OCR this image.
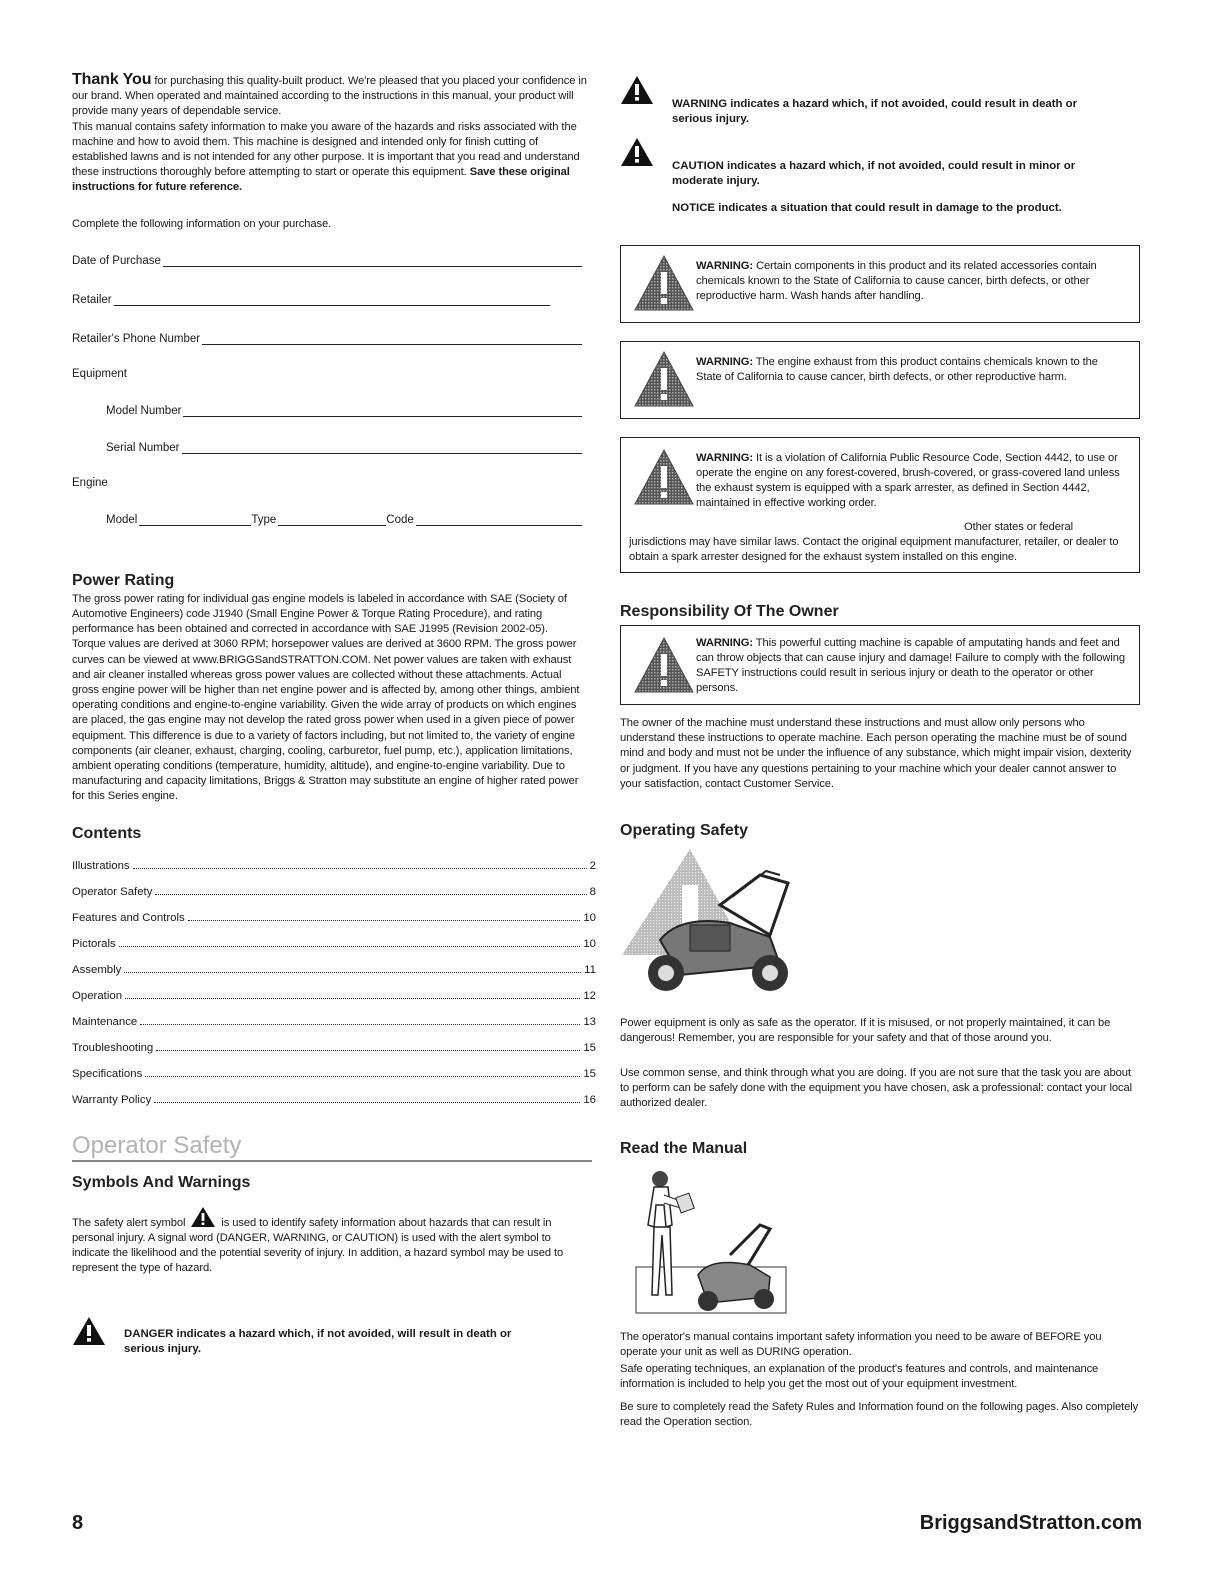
Thank You for purchasing this quality-built product. We're pleased that you placed your confidence in our brand. When operated and maintained according to the instructions in this manual, your product will provide many years of dependable service.

This manual contains safety information to make you aware of the hazards and risks associated with the machine and how to avoid them. This machine is designed and intended only for finish cutting of established lawns and is not intended for any other purpose. It is important that you read and understand these instructions thoroughly before attempting to start or operate this equipment. Save these original instructions for future reference.

Complete the following information on your purchase.

Date of Purchase
Retailer
Retailer's Phone Number
Equipment
Model Number
Serial Number
Engine
Model	Type	Code
Power Rating

The gross power rating for individual gas engine models is labeled in accordance with SAE (Society of Automotive Engineers) code J1940 (Small Engine Power & Torque Rating Procedure), and rating performance has been obtained and corrected in accordance with SAE J1995 (Revision 2002-05). Torque values are derived at 3060 RPM; horsepower values are derived at 3600 RPM. The gross power curves can be viewed at www.BRIGGSandSTRATTON.COM. Net power values are taken with exhaust and air cleaner installed whereas gross power values are collected without these attachments. Actual gross engine power will be higher than net engine power and is affected by, among other things, ambient operating conditions and engine-to-engine variability. Given the wide array of products on which engines are placed, the gas engine may not develop the rated gross power when used in a given piece of power equipment. This difference is due to a variety of factors including, but not limited to, the variety of engine components (air cleaner, exhaust, charging, cooling, carburetor, fuel pump, etc.), application limitations, ambient operating conditions (temperature, humidity, altitude), and engine-to-engine variability. Due to manufacturing and capacity limitations, Briggs & Stratton may substitute an engine of higher rated power for this Series engine.

Contents
Illustrations	2
Operator Safety	8
Features and Controls	10
Pictorals	10
Assembly	11
Operation	12
Maintenance	13
Troubleshooting	15
Specifications	15
Warranty Policy	16
Operator Safety
Symbols And Warnings

The safety alert symbol	is used to identify safety information about hazards that can result in personal injury. A signal word (DANGER, WARNING, or CAUTION) is used with the alert symbol to indicate the likelihood and the potential severity of injury. In addition, a hazard symbol may be used to represent the type of hazard.

DANGER indicates a hazard which, if not avoided, will result in death or serious injury.
WARNING indicates a hazard which, if not avoided, could result in death or serious injury.
CAUTION indicates a hazard which, if not avoided, could result in minor or moderate injury.
NOTICE indicates a situation that could result in damage to the product.

WARNING: Certain components in this product and its related accessories contain chemicals known to the State of California to cause cancer, birth defects, or other reproductive harm. Wash hands after handling.

WARNING: The engine exhaust from this product contains chemicals known to the State of California to cause cancer, birth defects, or other reproductive harm.

WARNING: It is a violation of California Public Resource Code, Section 4442, to use or operate the engine on any forest-covered, brush-covered, or grass-covered land unless the exhaust system is equipped with a spark arrester, as defined in Section 4442, maintained in effective working order.

Other states or federal jurisdictions may have similar laws. Contact the original equipment manufacturer, retailer, or dealer to obtain a spark arrester designed for the exhaust system installed on this engine.

Responsibility Of The Owner

WARNING: This powerful cutting machine is capable of amputating hands and feet and can throw objects that can cause injury and damage! Failure to comply with the following SAFETY instructions could result in serious injury or death to the operator or other persons.

The owner of the machine must understand these instructions and must allow only persons who understand these instructions to operate machine. Each person operating the machine must be of sound mind and body and must not be under the influence of any substance, which might impair vision, dexterity or judgment. If you have any questions pertaining to your machine which your dealer cannot answer to your satisfaction, contact Customer Service.

Operating Safety

Power equipment is only as safe as the operator. If it is misused, or not properly maintained, it can be dangerous! Remember, you are responsible for your safety and that of those around you.

Use common sense, and think through what you are doing. If you are not sure that the task you are about to perform can be safely done with the equipment you have chosen, ask a professional: contact your local authorized dealer.

Read the Manual

The operator's manual contains important safety information you need to be aware of BEFORE you operate your unit as well as DURING operation.

Safe operating techniques, an explanation of the product's features and controls, and maintenance information is included to help you get the most out of your equipment investment.

Be sure to completely read the Safety Rules and Information found on the following pages. Also completely read the Operation section.

8	BriggsandStratton.com
